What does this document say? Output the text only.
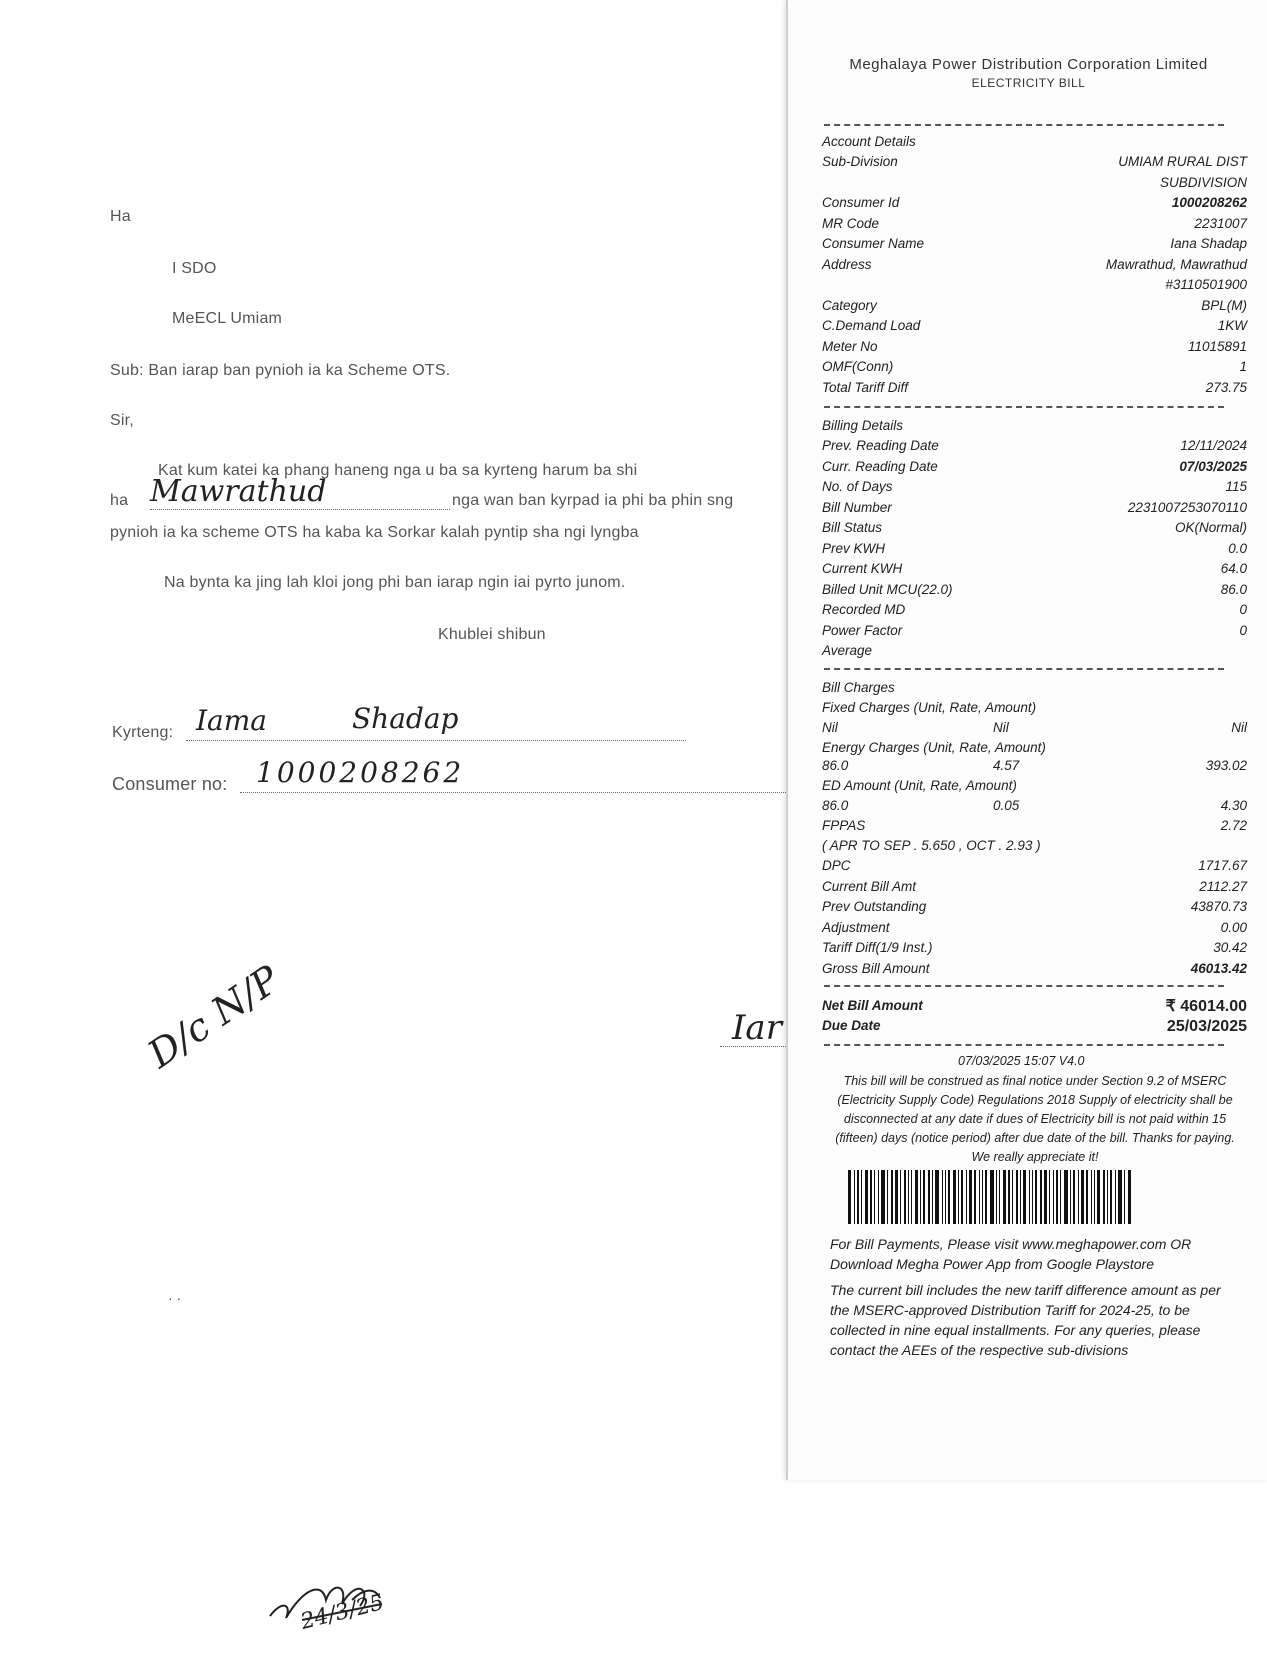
Ha
I SDO
MeECL Umiam
Sub: Ban iarap ban pynioh ia ka Scheme OTS.
Sir,
Kat kum katei ka phang haneng nga u ba sa kyrteng harum ba shi
ha Mawrathud	nga wan ban kyrpad ia phi ba phin sng
pynioh ia ka scheme OTS ha kaba ka Sorkar kalah pyntip sha ngi lyngba
Na bynta ka jing lah kloi jong phi ban iarap ngin iai pyrto junom.
Khublei shibun
Kyrteng: Iama	Shadap
Consumer no: 1000208262
Iar
D/c N/P
· ·
24/3/25
Meghalaya Power Distribution Corporation Limited
ELECTRICITY BILL
Account Details
Sub-Division	UMIAM RURAL DIST
SUBDIVISION
Consumer Id	1000208262
MR Code	2231007
Consumer Name	Iana Shadap
Address	Mawrathud, Mawrathud
#3110501900
Category	BPL(M)
C.Demand Load	1KW
Meter No	11015891
OMF(Conn)	1
Total Tariff Diff	273.75
Billing Details
Prev. Reading Date	12/11/2024
Curr. Reading Date	07/03/2025
No. of Days	115
Bill Number	2231007253070110
Bill Status	OK(Normal)
Prev KWH	0.0
Current KWH	64.0
Billed Unit MCU(22.0)	86.0
Recorded MD	0
Power Factor	0
Average
Bill Charges
Fixed Charges (Unit, Rate, Amount)
Nil	Nil	Nil
Energy Charges (Unit, Rate, Amount)
86.0	4.57	393.02
ED Amount (Unit, Rate, Amount)
86.0	0.05	4.30
FPPAS	2.72
( APR TO SEP . 5.650 , OCT . 2.93 )
DPC	1717.67
Current Bill Amt	2112.27
Prev Outstanding	43870.73
Adjustment	0.00
Tariff Diff(1/9 Inst.)	30.42
Gross Bill Amount	46013.42
Net Bill Amount	₹ 46014.00
Due Date	25/03/2025
07/03/2025 15:07 V4.0
This bill will be construed as final notice under Section 9.2 of MSERC (Electricity Supply Code) Regulations 2018 Supply of electricity shall be disconnected at any date if dues of Electricity bill is not paid within 15 (fifteen) days (notice period) after due date of the bill. Thanks for paying. We really appreciate it!
For Bill Payments, Please visit www.meghapower.com OR Download Megha Power App from Google Playstore
The current bill includes the new tariff difference amount as per the MSERC-approved Distribution Tariff for 2024-25, to be collected in nine equal installments. For any queries, please contact the AEEs of the respective sub-divisions
